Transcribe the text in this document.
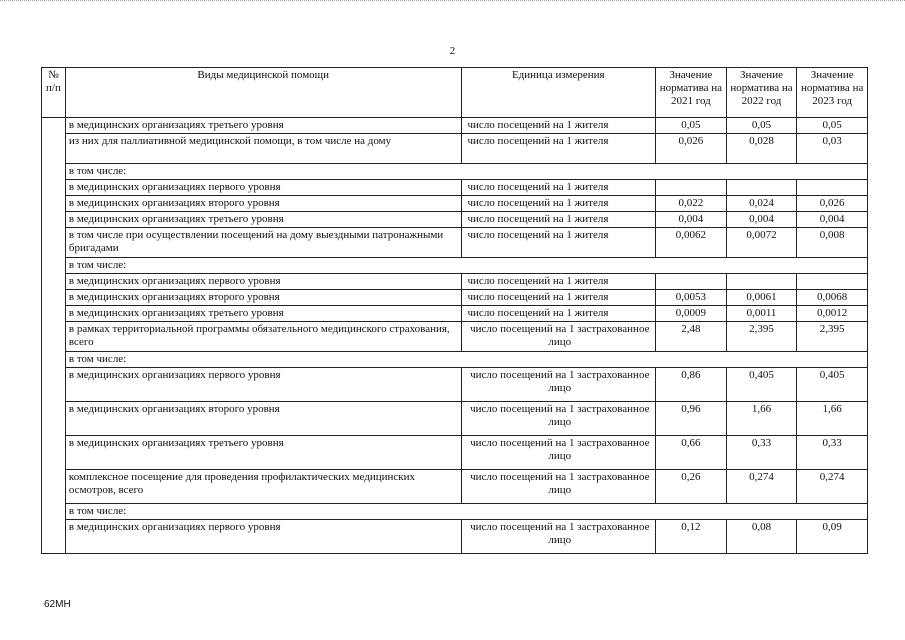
2
№ п/п	Виды медицинской помощи	Единица измерения	Значение норматива на 2021 год	Значение норматива на 2022 год	Значение норматива на 2023 год
	в медицинских организациях третьего уровня	число посещений на 1 жителя	0,05	0,05	0,05
	из них для паллиативной медицинской помощи, в том числе на дому	число посещений на 1 жителя	0,026	0,028	0,03
	в том числе:				
	в медицинских организациях первого уровня	число посещений на 1 жителя			
	в медицинских организациях второго уровня	число посещений на 1 жителя	0,022	0,024	0,026
	в медицинских организациях третьего уровня	число посещений на 1 жителя	0,004	0,004	0,004
	в том числе при осуществлении посещений на дому выездными патронажными бригадами	число посещений на 1 жителя	0,0062	0,0072	0,008
	в том числе:				
	в медицинских организациях первого уровня	число посещений на 1 жителя			
	в медицинских организациях второго уровня	число посещений на 1 жителя	0,0053	0,0061	0,0068
	в медицинских организациях третьего уровня	число посещений на 1 жителя	0,0009	0,0011	0,0012
	в рамках территориальной программы обязательного медицинского страхования, всего	число посещений на 1 застрахованное лицо	2,48	2,395	2,395
	в том числе:				
	в медицинских организациях первого уровня	число посещений на 1 застрахованное лицо	0,86	0,405	0,405
	в медицинских организациях второго уровня	число посещений на 1 застрахованное лицо	0,96	1,66	1,66
	в медицинских организациях третьего уровня	число посещений на 1 застрахованное лицо	0,66	0,33	0,33
	комплексное посещение для проведения профилактических медицинских осмотров, всего	число посещений на 1 застрахованное лицо	0,26	0,274	0,274
	в том числе:				
	в медицинских организациях первого уровня	число посещений на 1 застрахованное лицо	0,12	0,08	0,09
62МН
